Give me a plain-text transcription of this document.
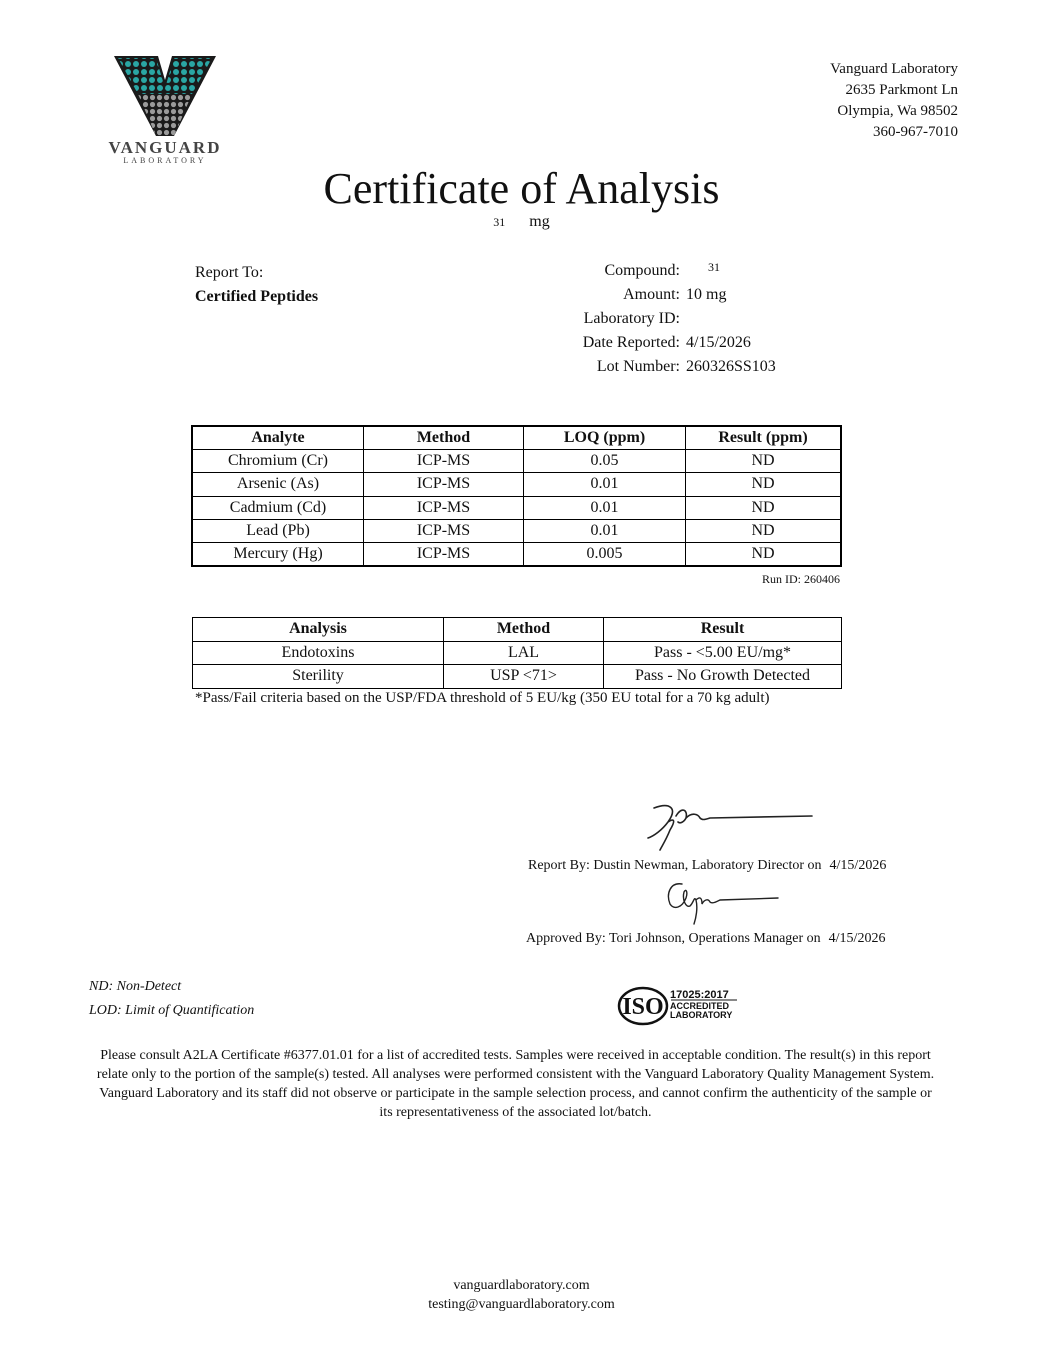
VANGUARD
LABORATORY
Vanguard Laboratory
2635 Parkmont Ln
Olympia, Wa 98502
360-967-7010
Certificate of Analysis
31 mg
Report To:
Certified Peptides
Compound:	$^{31}$
Amount: 10 mg
Laboratory ID:
Date Reported: 4/15/2026
Lot Number: 260326SS103
Analyte	Method	LOQ (ppm)	Result (ppm)
Chromium (Cr)	ICP-MS	0.05	ND
Arsenic (As)	ICP-MS	0.01	ND
Cadmium (Cd)	ICP-MS	0.01	ND
Lead (Pb)	ICP-MS	0.01	ND
Mercury (Hg)	ICP-MS	0.005	ND
Run ID: 260406
Analysis	Method	Result
Endotoxins	LAL	Pass - <5.00 EU/mg*
Sterility	USP <71>	Pass - No Growth Detected
*Pass/Fail criteria based on the USP/FDA threshold of 5 EU/kg (350 EU total for a 70 kg adult)
Report By: Dustin Newman, Laboratory Director on 4/15/2026
Approved By: Tori Johnson, Operations Manager on 4/15/2026
ND: Non-Detect
LOD: Limit of Quantification	ISO 17025:2017
ACCREDITED
LABORATORY
Please consult A2LA Certificate #6377.01.01 for a list of accredited tests. Samples were received in acceptable condition. The result(s) in this report relate only to the portion of the sample(s) tested. All analyses were performed consistent with the Vanguard Laboratory Quality Management System. Vanguard Laboratory and its staff did not observe or participate in the sample selection process, and cannot confirm the authenticity of the sample or its representativeness of the associated lot/batch.
vanguardlaboratory.com
testing@vanguardlaboratory.com
